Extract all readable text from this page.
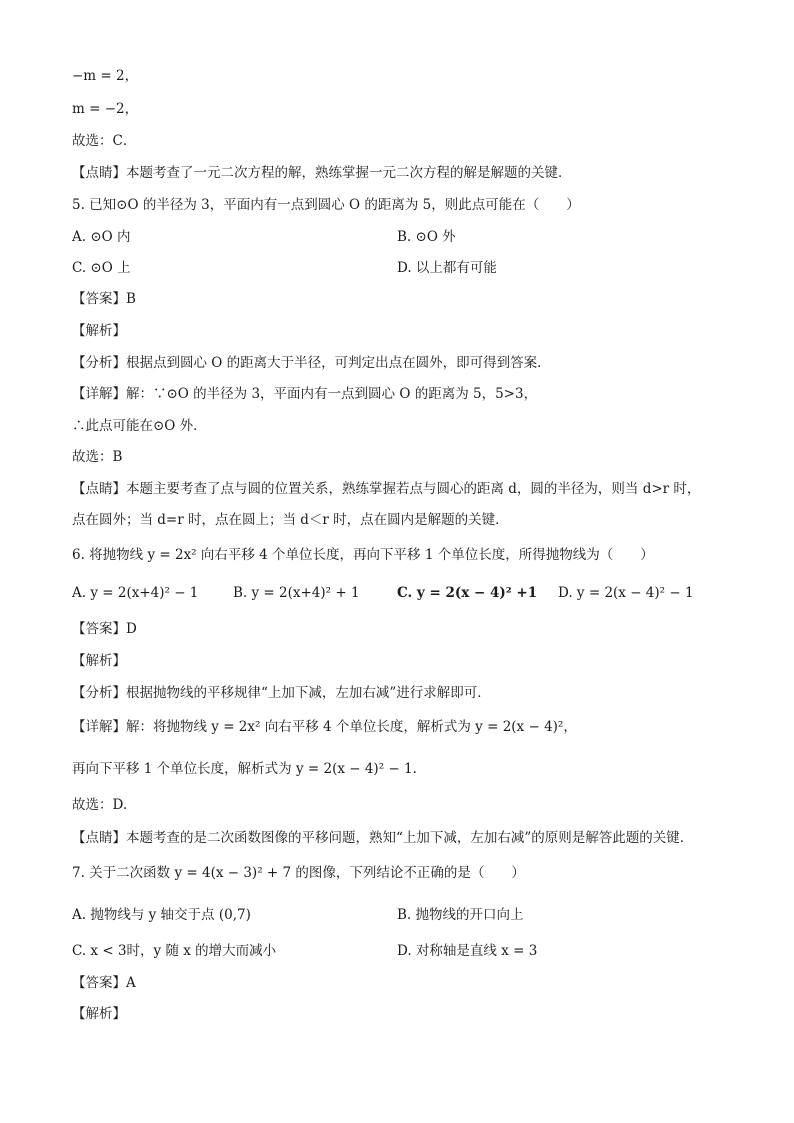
−m = 2，
m = −2，
故选：C．
【点睛】本题考查了一元二次方程的解，熟练掌握一元二次方程的解是解题的关键．
5. 已知⊙O 的半径为 3，平面内有一点到圆心 O 的距离为 5，则此点可能在（　　）
A. ⊙O 内	B. ⊙O 外
C. ⊙O 上	D. 以上都有可能
【答案】B
【解析】
【分析】根据点到圆心 O 的距离大于半径，可判定出点在圆外，即可得到答案．
【详解】解：∵⊙O 的半径为 3，平面内有一点到圆心 O 的距离为 5，5>3，
∴此点可能在⊙O 外．
故选：B
【点睛】本题主要考查了点与圆的位置关系，熟练掌握若点与圆心的距离 d，圆的半径为，则当 d>r 时，
点在圆外；当 d=r 时，点在圆上；当 d＜r 时，点在圆内是解题的关键．
6. 将抛物线 y = 2x² 向右平移 4 个单位长度，再向下平移 1 个单位长度，所得抛物线为（　　）
A. y = 2(x+4)² − 1	B. y = 2(x+4)² + 1	C. y = 2(x − 4)² +1 D. y = 2(x − 4)² − 1
【答案】D
【解析】
【分析】根据抛物线的平移规律“上加下减，左加右减”进行求解即可．
【详解】解：将抛物线 y = 2x² 向右平移 4 个单位长度，解析式为 y = 2(x − 4)²，
再向下平移 1 个单位长度，解析式为 y = 2(x − 4)² − 1.
故选：D.
【点睛】本题考查的是二次函数图像的平移问题，熟知“上加下减，左加右减”的原则是解答此题的关键．
7. 关于二次函数 y = 4(x − 3)² + 7 的图像，下列结论不正确的是（　　）
A. 抛物线与 y 轴交于点 (0,7)	B. 抛物线的开口向上
C. x < 3时，y 随 x 的增大而减小	D. 对称轴是直线 x = 3
【答案】A
【解析】
